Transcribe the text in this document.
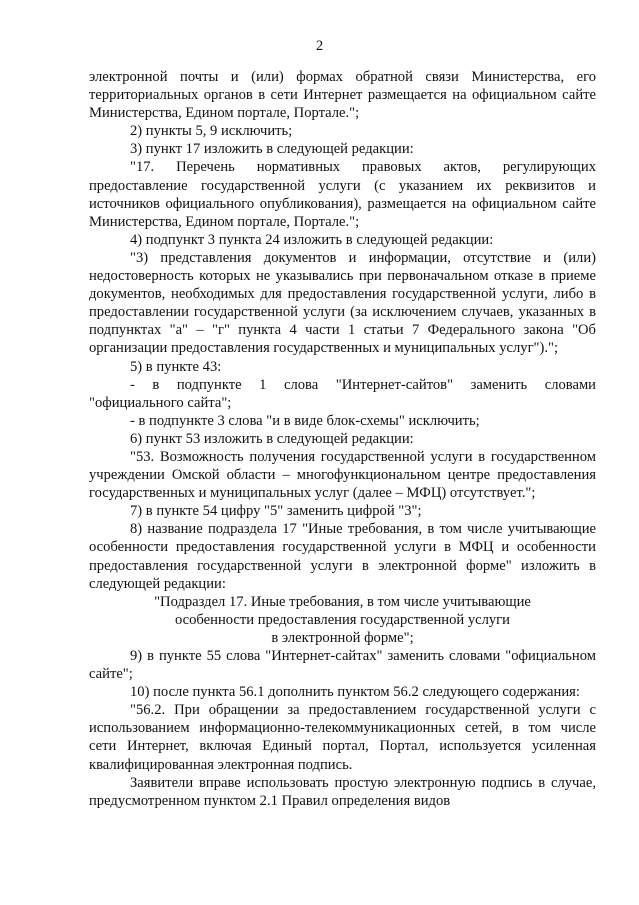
2

электронной почты и (или) формах обратной связи Министерства, его территориальных органов в сети Интернет размещается на официальном сайте Министерства, Едином портале, Портале.";

2) пункты 5, 9 исключить;

3) пункт 17 изложить в следующей редакции:

"17. Перечень нормативных правовых актов, регулирующих предоставление государственной услуги (с указанием их реквизитов и источников официального опубликования), размещается на официальном сайте Министерства, Едином портале, Портале.";

4) подпункт 3 пункта 24 изложить в следующей редакции:

"3) представления документов и информации, отсутствие и (или) недостоверность которых не указывались при первоначальном отказе в приеме документов, необходимых для предоставления государственной услуги, либо в предоставлении государственной услуги (за исключением случаев, указанных в подпунктах "а" – "г" пункта 4 части 1 статьи 7 Федерального закона "Об организации предоставления государственных и муниципальных услуг").";

5) в пункте 43:

- в подпункте 1 слова "Интернет-сайтов" заменить словами "официального сайта";

- в подпункте 3 слова "и в виде блок-схемы" исключить;

6) пункт 53 изложить в следующей редакции:

"53. Возможность получения государственной услуги в государственном учреждении Омской области – многофункциональном центре предоставления государственных и муниципальных услуг (далее – МФЦ) отсутствует.";

7) в пункте 54 цифру "5" заменить цифрой "3";

8) название подраздела 17 "Иные требования, в том числе учитывающие особенности предоставления государственной услуги в МФЦ и особенности предоставления государственной услуги в электронной форме" изложить в следующей редакции:

"Подраздел 17. Иные требования, в том числе учитывающие
особенности предоставления государственной услуги
в электронной форме";

9) в пункте 55 слова "Интернет-сайтах" заменить словами "официальном сайте";

10) после пункта 56.1 дополнить пунктом 56.2 следующего содержания:

"56.2. При обращении за предоставлением государственной услуги с использованием информационно-телекоммуникационных сетей, в том числе сети Интернет, включая Единый портал, Портал, используется усиленная квалифицированная электронная подпись.

Заявители вправе использовать простую электронную подпись в случае, предусмотренном пунктом 2.1 Правил определения видов
